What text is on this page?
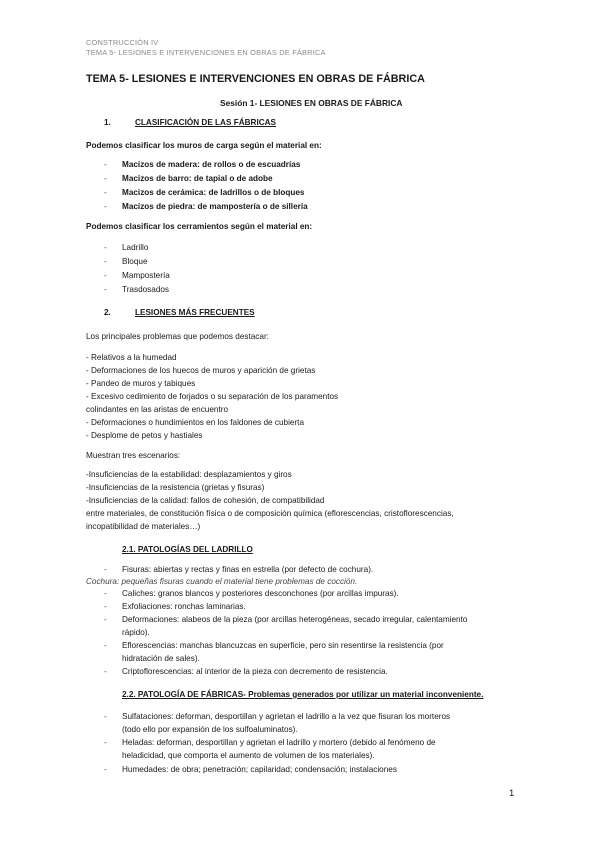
CONSTRUCCIÓN IV
TEMA 5- LESIONES E INTERVENCIONES EN OBRAS DE FÁBRICA
TEMA 5- LESIONES E INTERVENCIONES EN OBRAS DE FÁBRICA
Sesión 1- LESIONES EN OBRAS DE FÁBRICA
1.	CLASIFICACIÓN DE LAS FÁBRICAS
Podemos clasificar los muros de carga según el material en:
- Macizos de madera: de rollos o de escuadrías
- Macizos de barro: de tapial o de adobe
- Macizos de cerámica: de ladrillos o de bloques
- Macizos de piedra: de mampostería o de sillería
Podemos clasificar los cerramientos según el material en:
- Ladrillo
- Bloque
- Mampostería
- Trasdosados
2.	LESIONES MÁS FRECUENTES
Los principales problemas que podemos destacar:
- Relativos a la humedad
- Deformaciones de los huecos de muros y aparición de grietas
- Pandeo de muros y tabiques
- Excesivo cedimiento de forjados o su separación de los paramentos
colindantes en las aristas de encuentro
- Deformaciones o hundimientos en los faldones de cubierta
- Desplome de petos y hastiales
Muestran tres escenarios:
-Insuficiencias de la estabilidad: desplazamientos y giros
-Insuficiencias de la resistencia (grietas y fisuras)
-Insuficiencias de la calidad: fallos de cohesión, de compatibilidad
entre materiales, de constitución física o de composición química (eflorescencias, cristoflorescencias,
incopatibilidad de materiales…)
2.1. PATOLOGÍAS DEL LADRILLO
- Fisuras: abiertas y rectas y finas en estrella (por defecto de cochura).
Cochura: pequeñas fisuras cuando el material tiene problemas de cocción.
- Caliches: granos blancos y posteriores desconchones (por arcillas impuras).
- Exfoliaciones: ronchas laminarias.
- Deformaciones: alabeos de la pieza (por arcillas heterogéneas, secado irregular, calentamiento
rápido).
- Eflorescencias: manchas blancuzcas en superficie, pero sin resentirse la resistencia (por
hidratación de sales).
- Criptoflorescencias: al interior de la pieza con decremento de resistencia.
2.2. PATOLOGÍA DE FÁBRICAS- Problemas generados por utilizar un material inconveniente.
- Sulfataciones: deforman, desportillan y agrietan el ladrillo a la vez que fisuran los morteros
(todo ello por expansión de los sulfoaluminatos).
- Heladas: deforman, desportillan y agrietan el ladrillo y mortero (debido al fenómeno de
heladicidad, que comporta el aumento de volumen de los materiales).
- Humedades: de obra; penetración; capilaridad; condensación; instalaciones
1
